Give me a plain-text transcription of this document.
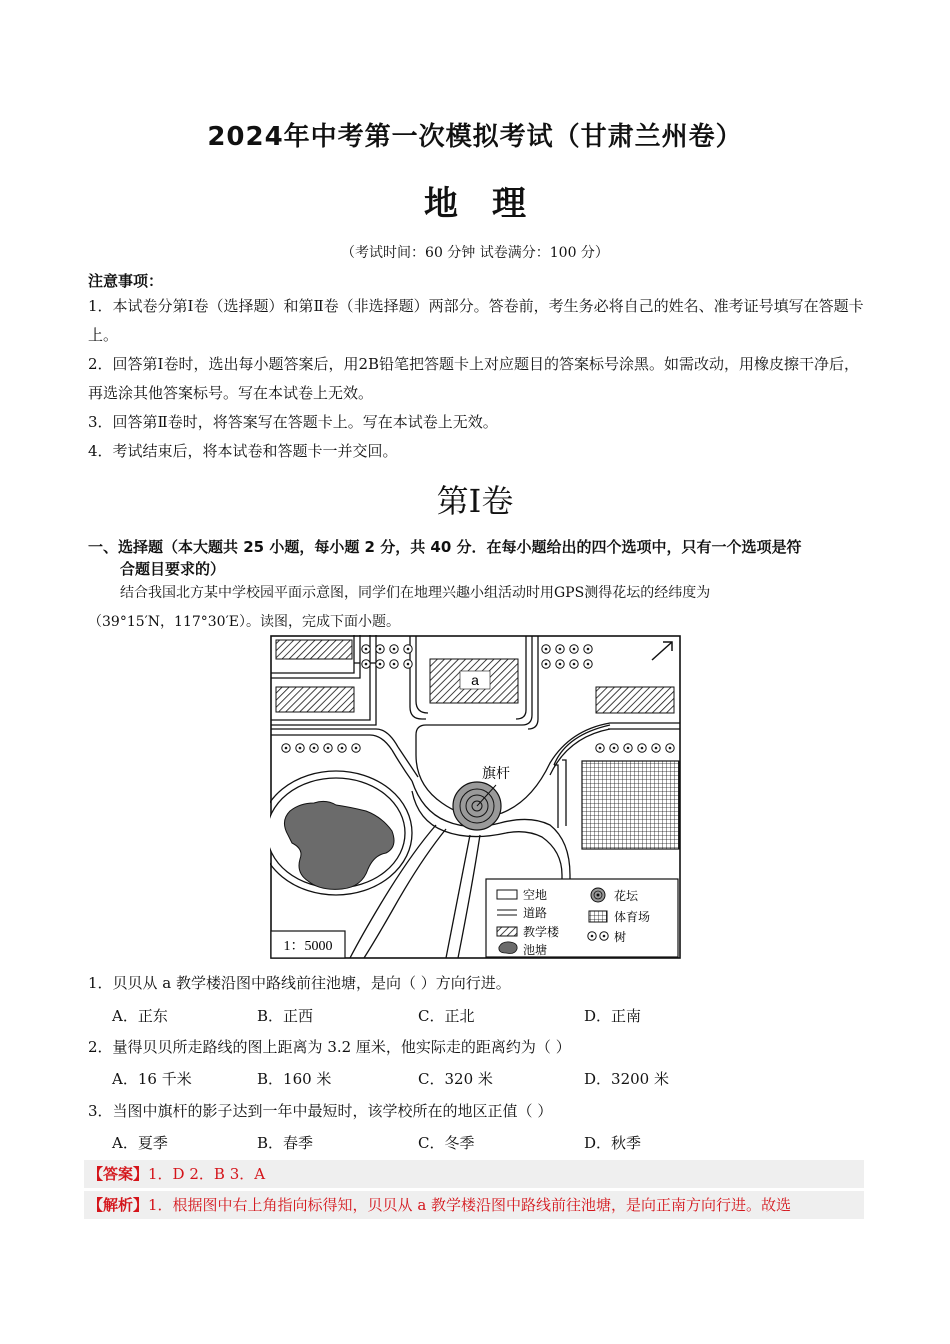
2024年中考第一次模拟考试（甘肃兰州卷）
地理
（考试时间：60 分钟 试卷满分：100 分）
注意事项：

1．本试卷分第Ⅰ卷（选择题）和第Ⅱ卷（非选择题）两部分。答卷前，考生务必将自己的姓名、准考证号填写在答题卡上。

2．回答第Ⅰ卷时，选出每小题答案后，用2B铅笔把答题卡上对应题目的答案标号涂黑。如需改动，用橡皮擦干净后，再选涂其他答案标号。写在本试卷上无效。

3．回答第Ⅱ卷时，将答案写在答题卡上。写在本试卷上无效。

4．考试结束后，将本试卷和答题卡一并交回。

第Ⅰ卷
一、选择题（本大题共 25 小题，每小题 2 分，共 40 分．在每小题给出的四个选项中，只有一个选项是符
合题目要求的）

结合我国北方某中学校园平面示意图，同学们在地理兴趣小组活动时用GPS测得花坛的经纬度为

（39°15′N，117°30′E）。读图，完成下面小题。

a
旗杆
1：5000
空地
道路
教学楼
池塘
花坛
体育场
树
1．贝贝从 a 教学楼沿图中路线前往池塘，是向（ ）方向行进。
A．正东	B．正西	C．正北	D．正南
2．量得贝贝所走路线的图上距离为 3.2 厘米，他实际走的距离约为（ ）
A．16 千米	B．160 米	C．320 米	D．3200 米
3．当图中旗杆的影子达到一年中最短时，该学校所在的地区正值（ ）
A．夏季	B．春季	C．冬季	D．秋季
【答案】1．D 2．B 3．A
【解析】1．根据图中右上角指向标得知，贝贝从 a 教学楼沿图中路线前往池塘，是向正南方向行进。故选
